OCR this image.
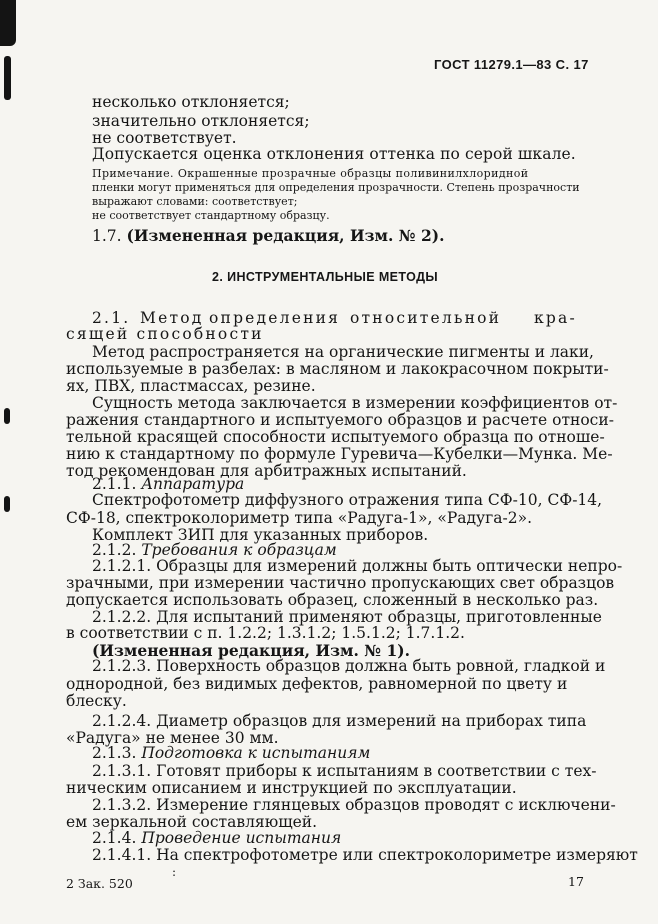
ГОСТ 11279.1—83 С. 17
несколько отклоняется;
значительно отклоняется;
не соответствует.
Допускается оценка отклонения оттенка по серой шкале.
Примечание. Окрашенные прозрачные образцы поливинилхлоридной
пленки могут применяться для определения прозрачности. Степень прозрачности
выражают словами: соответствует;
не соответствует стандартному образцу.
1.7. (Измененная редакция, Изм. № 2).
2. ИНСТРУМЕНТАЛЬНЫЕ МЕТОДЫ
2.1. Метод определения относительной кра-
сящей способности
Метод распространяется на органические пигменты и лаки,
используемые в разбелах: в масляном и лакокрасочном покрыти-
ях, ПВХ, пластмассах, резине.
Сущность метода заключается в измерении коэффициентов от-
ражения стандартного и испытуемого образцов и расчете относи-
тельной красящей способности испытуемого образца по отноше-
нию к стандартному по формуле Гуревича—Кубелки—Мунка. Ме-
тод рекомендован для арбитражных испытаний.
2.1.1. Аппаратура
Спектрофотометр диффузного отражения типа СФ-10, СФ-14,
СФ-18, спектроколориметр типа «Радуга-1», «Радуга-2».
Комплект ЗИП для указанных приборов.
2.1.2. Требования к образцам
2.1.2.1. Образцы для измерений должны быть оптически непро-
зрачными, при измерении частично пропускающих свет образцов
допускается использовать образец, сложенный в несколько раз.
2.1.2.2. Для испытаний применяют образцы, приготовленные
в соответствии с п. 1.2.2; 1.3.1.2; 1.5.1.2; 1.7.1.2.
(Измененная редакция, Изм. № 1).
2.1.2.3. Поверхность образцов должна быть ровной, гладкой и
однородной, без видимых дефектов, равномерной по цвету и
блеску.
2.1.2.4. Диаметр образцов для измерений на приборах типа
«Радуга» не менее 30 мм.
2.1.3. Подготовка к испытаниям
2.1.3.1. Готовят приборы к испытаниям в соответствии с тех-
ническим описанием и инструкцией по эксплуатации.
2.1.3.2. Измерение глянцевых образцов проводят с исключени-
ем зеркальной составляющей.
2.1.4. Проведение испытания
2.1.4.1. На спектрофотометре или спектроколориметре измеряют
:
2 Зак. 520	17
